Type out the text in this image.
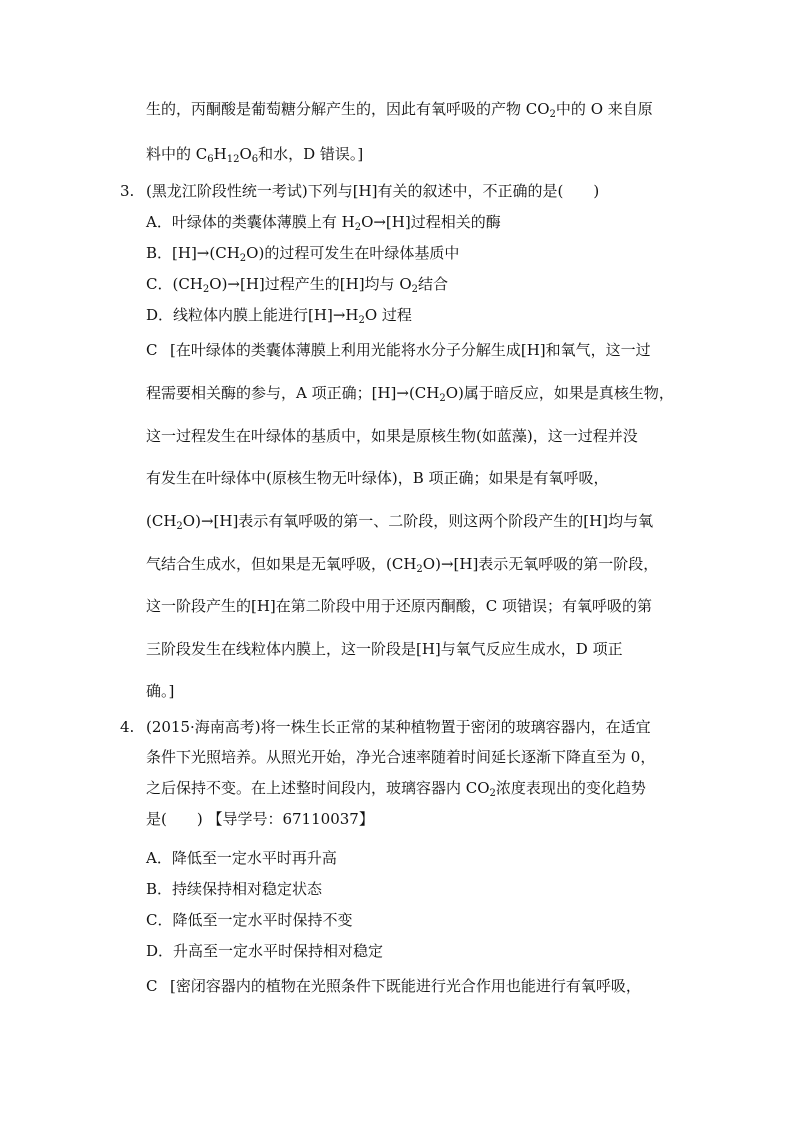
生的，丙酮酸是葡萄糖分解产生的，因此有氧呼吸的产物 $CO_2$中的 O 来自原
料中的 $C_6H_{12}O_6$和水，D 错误。]
3. (黑龙江阶段性统一考试)下列与[H]有关的叙述中，不正确的是(　　)
A．叶绿体的类囊体薄膜上有 $H_2O\to[H]$过程相关的酶
B．$[H]\to(CH_2O)$的过程可发生在叶绿体基质中
C．$(CH_2O)\to[H]$过程产生的[H]均与 $O_2$结合
D．线粒体内膜上能进行$[H]\to H_2O$ 过程
C [在叶绿体的类囊体薄膜上利用光能将水分子分解生成[H]和氧气，这一过
程需要相关酶的参与，A 项正确；$[H]\to(CH_2O)$属于暗反应，如果是真核生物，
这一过程发生在叶绿体的基质中，如果是原核生物(如蓝藻)，这一过程并没
有发生在叶绿体中(原核生物无叶绿体)，B 项正确；如果是有氧呼吸，
$(CH_2O)\to[H]$表示有氧呼吸的第一、二阶段，则这两个阶段产生的[H]均与氧
气结合生成水，但如果是无氧呼吸，$(CH_2O)\to[H]$表示无氧呼吸的第一阶段，
这一阶段产生的[H]在第二阶段中用于还原丙酮酸，C 项错误；有氧呼吸的第
三阶段发生在线粒体内膜上，这一阶段是[H]与氧气反应生成水，D 项正
确。]
4. (2015·海南高考)将一株生长正常的某种植物置于密闭的玻璃容器内，在适宜
条件下光照培养。从照光开始，净光合速率随着时间延长逐渐下降直至为 0，
之后保持不变。在上述整时间段内，玻璃容器内 $CO_2$浓度表现出的变化趋势
是(　　) 【导学号：67110037】
A．降低至一定水平时再升高
B．持续保持相对稳定状态
C．降低至一定水平时保持不变
D．升高至一定水平时保持相对稳定
C [密闭容器内的植物在光照条件下既能进行光合作用也能进行有氧呼吸，
